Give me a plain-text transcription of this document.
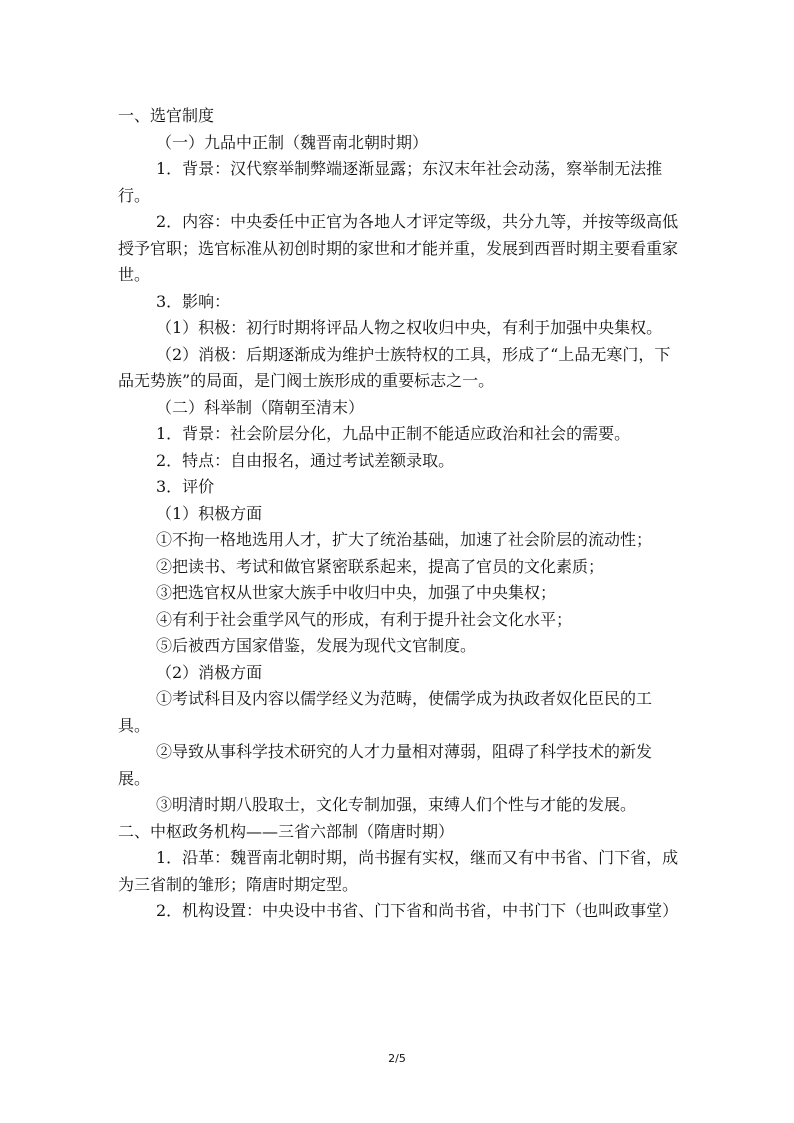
一、选官制度

（一）九品中正制（魏晋南北朝时期）

1．背景：汉代察举制弊端逐渐显露；东汉末年社会动荡，察举制无法推行。

2．内容：中央委任中正官为各地人才评定等级，共分九等，并按等级高低授予官职；选官标准从初创时期的家世和才能并重，发展到西晋时期主要看重家世。

3．影响：

（1）积极：初行时期将评品人物之权收归中央，有利于加强中央集权。

（2）消极：后期逐渐成为维护士族特权的工具，形成了“上品无寒门，下品无势族”的局面，是门阀士族形成的重要标志之一。

（二）科举制（隋朝至清末）

1．背景：社会阶层分化，九品中正制不能适应政治和社会的需要。

2．特点：自由报名，通过考试差额录取。

3．评价

（1）积极方面

①不拘一格地选用人才，扩大了统治基础，加速了社会阶层的流动性；

②把读书、考试和做官紧密联系起来，提高了官员的文化素质；

③把选官权从世家大族手中收归中央，加强了中央集权；

④有利于社会重学风气的形成，有利于提升社会文化水平；

⑤后被西方国家借鉴，发展为现代文官制度。

（2）消极方面

①考试科目及内容以儒学经义为范畴，使儒学成为执政者奴化臣民的工具。

②导致从事科学技术研究的人才力量相对薄弱，阻碍了科学技术的新发展。

③明清时期八股取士，文化专制加强，束缚人们个性与才能的发展。

二、中枢政务机构——三省六部制（隋唐时期）

1．沿革：魏晋南北朝时期，尚书握有实权，继而又有中书省、门下省，成为三省制的雏形；隋唐时期定型。

2．机构设置：中央设中书省、门下省和尚书省，中书门下（也叫政事堂）

2/5
